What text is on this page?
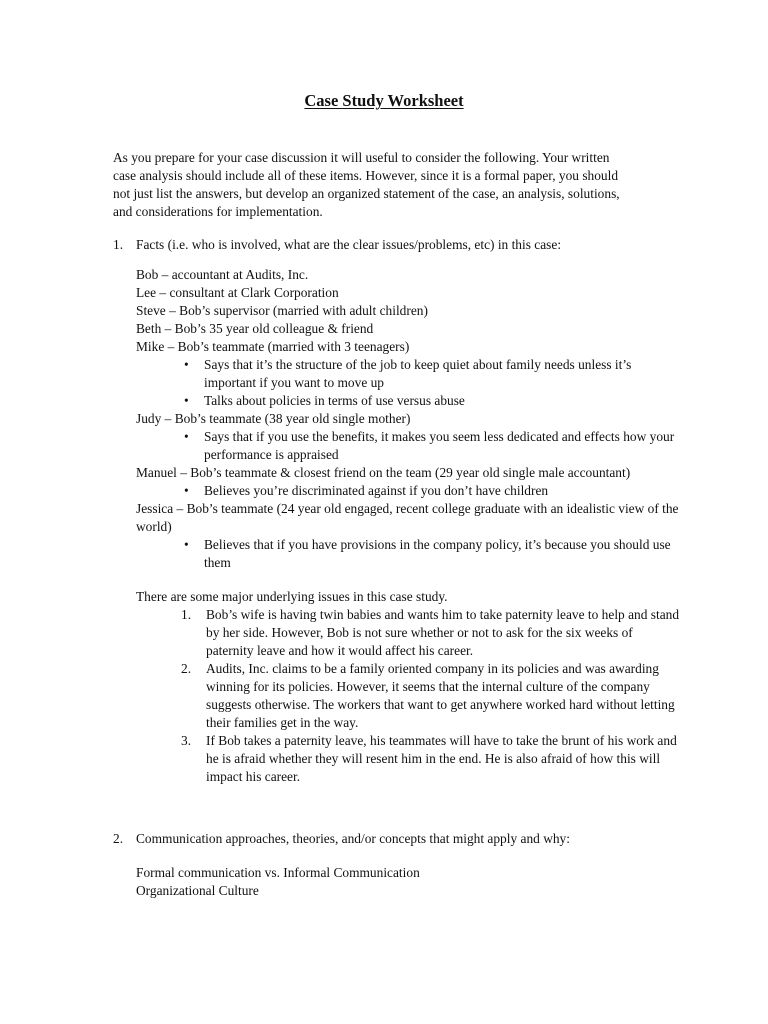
Case Study Worksheet
As you prepare for your case discussion it will useful to consider the following. Your written
case analysis should include all of these items. However, since it is a formal paper, you should
not just list the answers, but develop an organized statement of the case, an analysis, solutions,
and considerations for implementation.
1. Facts (i.e. who is involved, what are the clear issues/problems, etc) in this case:
Bob – accountant at Audits, Inc.
Lee – consultant at Clark Corporation
Steve – Bob’s supervisor (married with adult children)
Beth – Bob’s 35 year old colleague & friend
Mike – Bob’s teammate (married with 3 teenagers)
• Says that it’s the structure of the job to keep quiet about family needs unless it’s important if you want to move up
• Talks about policies in terms of use versus abuse
Judy – Bob’s teammate (38 year old single mother)
• Says that if you use the benefits, it makes you seem less dedicated and effects how your performance is appraised
Manuel – Bob’s teammate & closest friend on the team (29 year old single male accountant)
• Believes you’re discriminated against if you don’t have children
Jessica – Bob’s teammate (24 year old engaged, recent college graduate with an idealistic view of the world)
• Believes that if you have provisions in the company policy, it’s because you should use them
There are some major underlying issues in this case study.
1. Bob’s wife is having twin babies and wants him to take paternity leave to help and stand by her side. However, Bob is not sure whether or not to ask for the six weeks of paternity leave and how it would affect his career.
2. Audits, Inc. claims to be a family oriented company in its policies and was awarding winning for its policies. However, it seems that the internal culture of the company suggests otherwise. The workers that want to get anywhere worked hard without letting their families get in the way.
3. If Bob takes a paternity leave, his teammates will have to take the brunt of his work and he is afraid whether they will resent him in the end. He is also afraid of how this will impact his career.
2. Communication approaches, theories, and/or concepts that might apply and why:
Formal communication vs. Informal Communication
Organizational Culture
